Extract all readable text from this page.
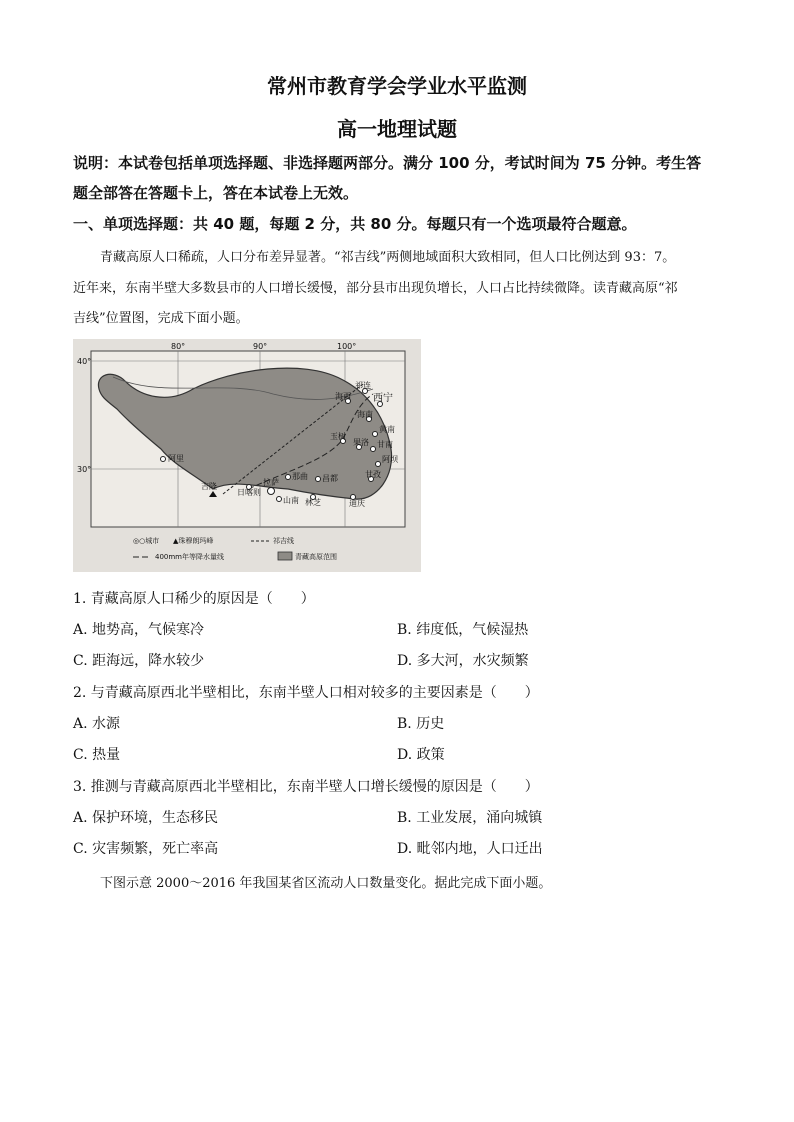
常州市教育学会学业水平监测
高一地理试题
说明：本试卷包括单项选择题、非选择题两部分。满分 100 分，考试时间为 75 分钟。考生答
题全部答在答题卡上，答在本试卷上无效。
一、单项选择题：共 40 题，每题 2 分，共 80 分。每题只有一个选项最符合题意。
青藏高原人口稀疏，人口分布差异显著。“祁吉线”两侧地域面积大致相同，但人口比例达到 93：7。
近年来，东南半壁大多数县市的人口增长缓慢，部分县市出现负增长，人口占比持续微降。读青藏高原“祁
吉线”位置图，完成下面小题。
40°
30°
80°	90°	100°
阿里
海西
祁连
西宁
海南
黄南
甘南
阿坝
玉树
果洛
甘孜
那曲 昌都
拉萨
日喀则
山南 林芝	迪庆
吉隆
◎○城市 ▲珠穆朗玛峰	祁吉线
400mm年等降水量线	青藏高原范围
1. 青藏高原人口稀少的原因是（　　）
A. 地势高，气候寒冷	B. 纬度低，气候湿热
C. 距海远，降水较少	D. 多大河，水灾频繁
2. 与青藏高原西北半壁相比，东南半壁人口相对较多的主要因素是（　　）
A. 水源	B. 历史
C. 热量	D. 政策
3. 推测与青藏高原西北半壁相比，东南半壁人口增长缓慢的原因是（　　）
A. 保护环境，生态移民	B. 工业发展，涌向城镇
C. 灾害频繁，死亡率高	D. 毗邻内地，人口迁出
下图示意 2000～2016 年我国某省区流动人口数量变化。据此完成下面小题。
